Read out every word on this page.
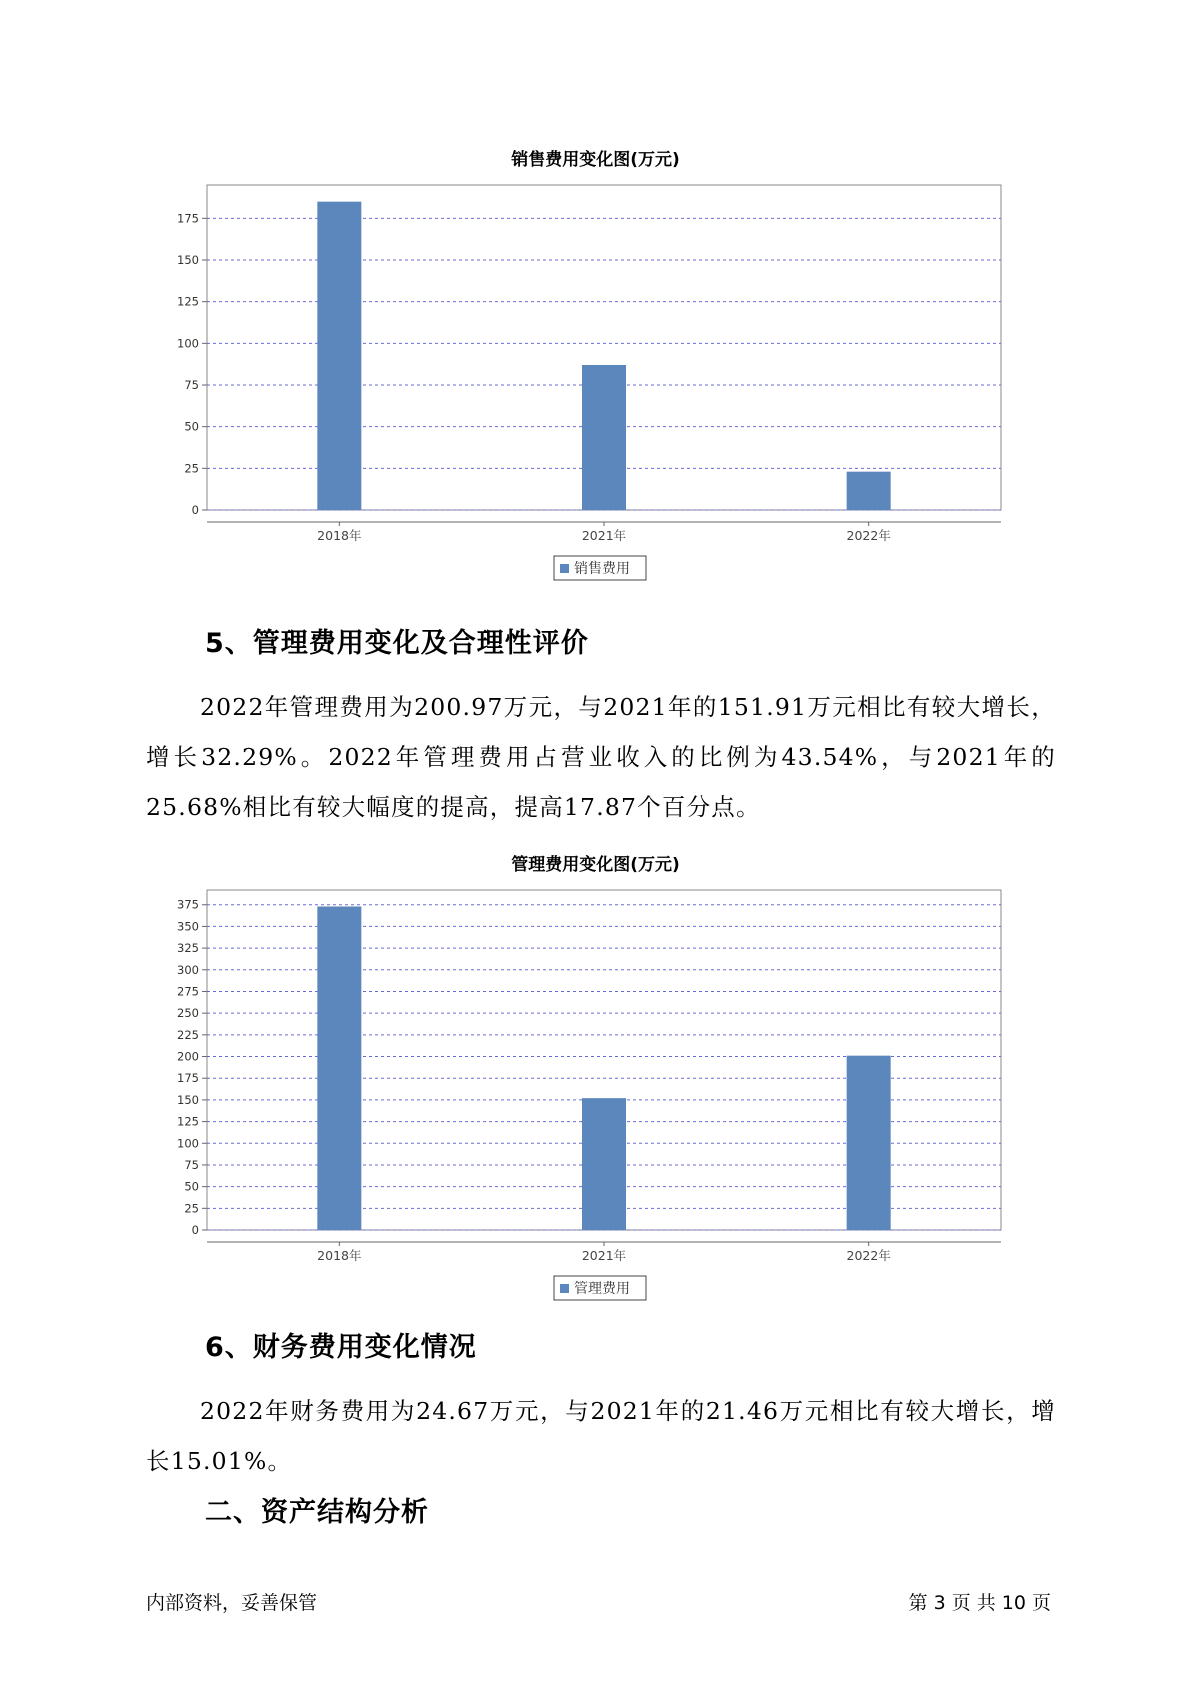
销售费用变化图(万元)
0
25
50
75
100
125
150
175
2018年	2021年	2022年
销售费用
5、管理费用变化及合理性评价
2022年管理费用为200.97万元，与2021年的151.91万元相比有较大增长，增长32.29%。2022年管理费用占营业收入的比例为43.54%，与2021年的25.68%相比有较大幅度的提高，提高17.87个百分点。
管理费用变化图(万元)
0
25
50
75
100
125
150
175
200
225
250
275
300
325
350
375
2018年	2021年	2022年
管理费用
6、财务费用变化情况
2022年财务费用为24.67万元，与2021年的21.46万元相比有较大增长，增长15.01%。
二、资产结构分析
内部资料，妥善保管	第 3 页 共 10 页
